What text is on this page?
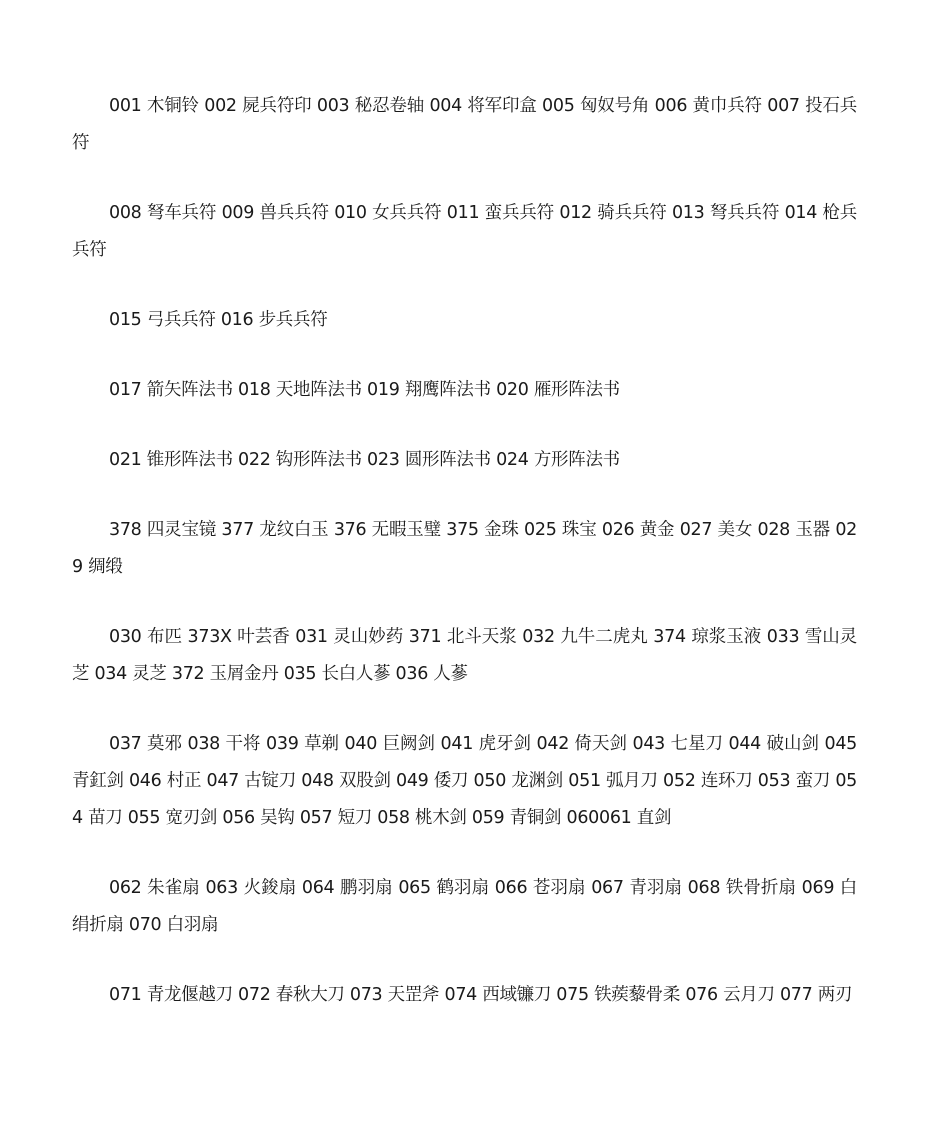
001 木铜铃 002 屍兵符印 003 秘忍卷轴 004 将军印盒 005 匈奴号角 006 黄巾兵符 007 投石兵符

008 弩车兵符 009 兽兵兵符 010 女兵兵符 011 蛮兵兵符 012 骑兵兵符 013 弩兵兵符 014 枪兵兵符

015 弓兵兵符 016 步兵兵符

017 箭矢阵法书 018 天地阵法书 019 翔鹰阵法书 020 雁形阵法书

021 锥形阵法书 022 钩形阵法书 023 圆形阵法书 024 方形阵法书

378 四灵宝镜 377 龙纹白玉 376 无暇玉璧 375 金珠 025 珠宝 026 黄金 027 美女 028 玉器 029 绸缎

030 布匹 373X 叶芸香 031 灵山妙药 371 北斗天浆 032 九牛二虎丸 374 琼浆玉液 033 雪山灵芝 034 灵芝 372 玉屑金丹 035 长白人蔘 036 人蔘

037 莫邪 038 干将 039 草剃 040 巨阙剑 041 虎牙剑 042 倚天剑 043 七星刀 044 破山剑 045 青釭剑 046 村正 047 古锭刀 048 双股剑 049 倭刀 050 龙渊剑 051 弧月刀 052 连环刀 053 蛮刀 054 苗刀 055 宽刃剑 056 吴钩 057 短刀 058 桃木剑 059 青铜剑 060061 直剑

062 朱雀扇 063 火鋑扇 064 鹏羽扇 065 鹤羽扇 066 苍羽扇 067 青羽扇 068 铁骨折扇 069 白绢折扇 070 白羽扇

071 青龙偃越刀 072 春秋大刀 073 天罡斧 074 西域镰刀 075 铁蒺藜骨柔 076 云月刀 077 两刃
